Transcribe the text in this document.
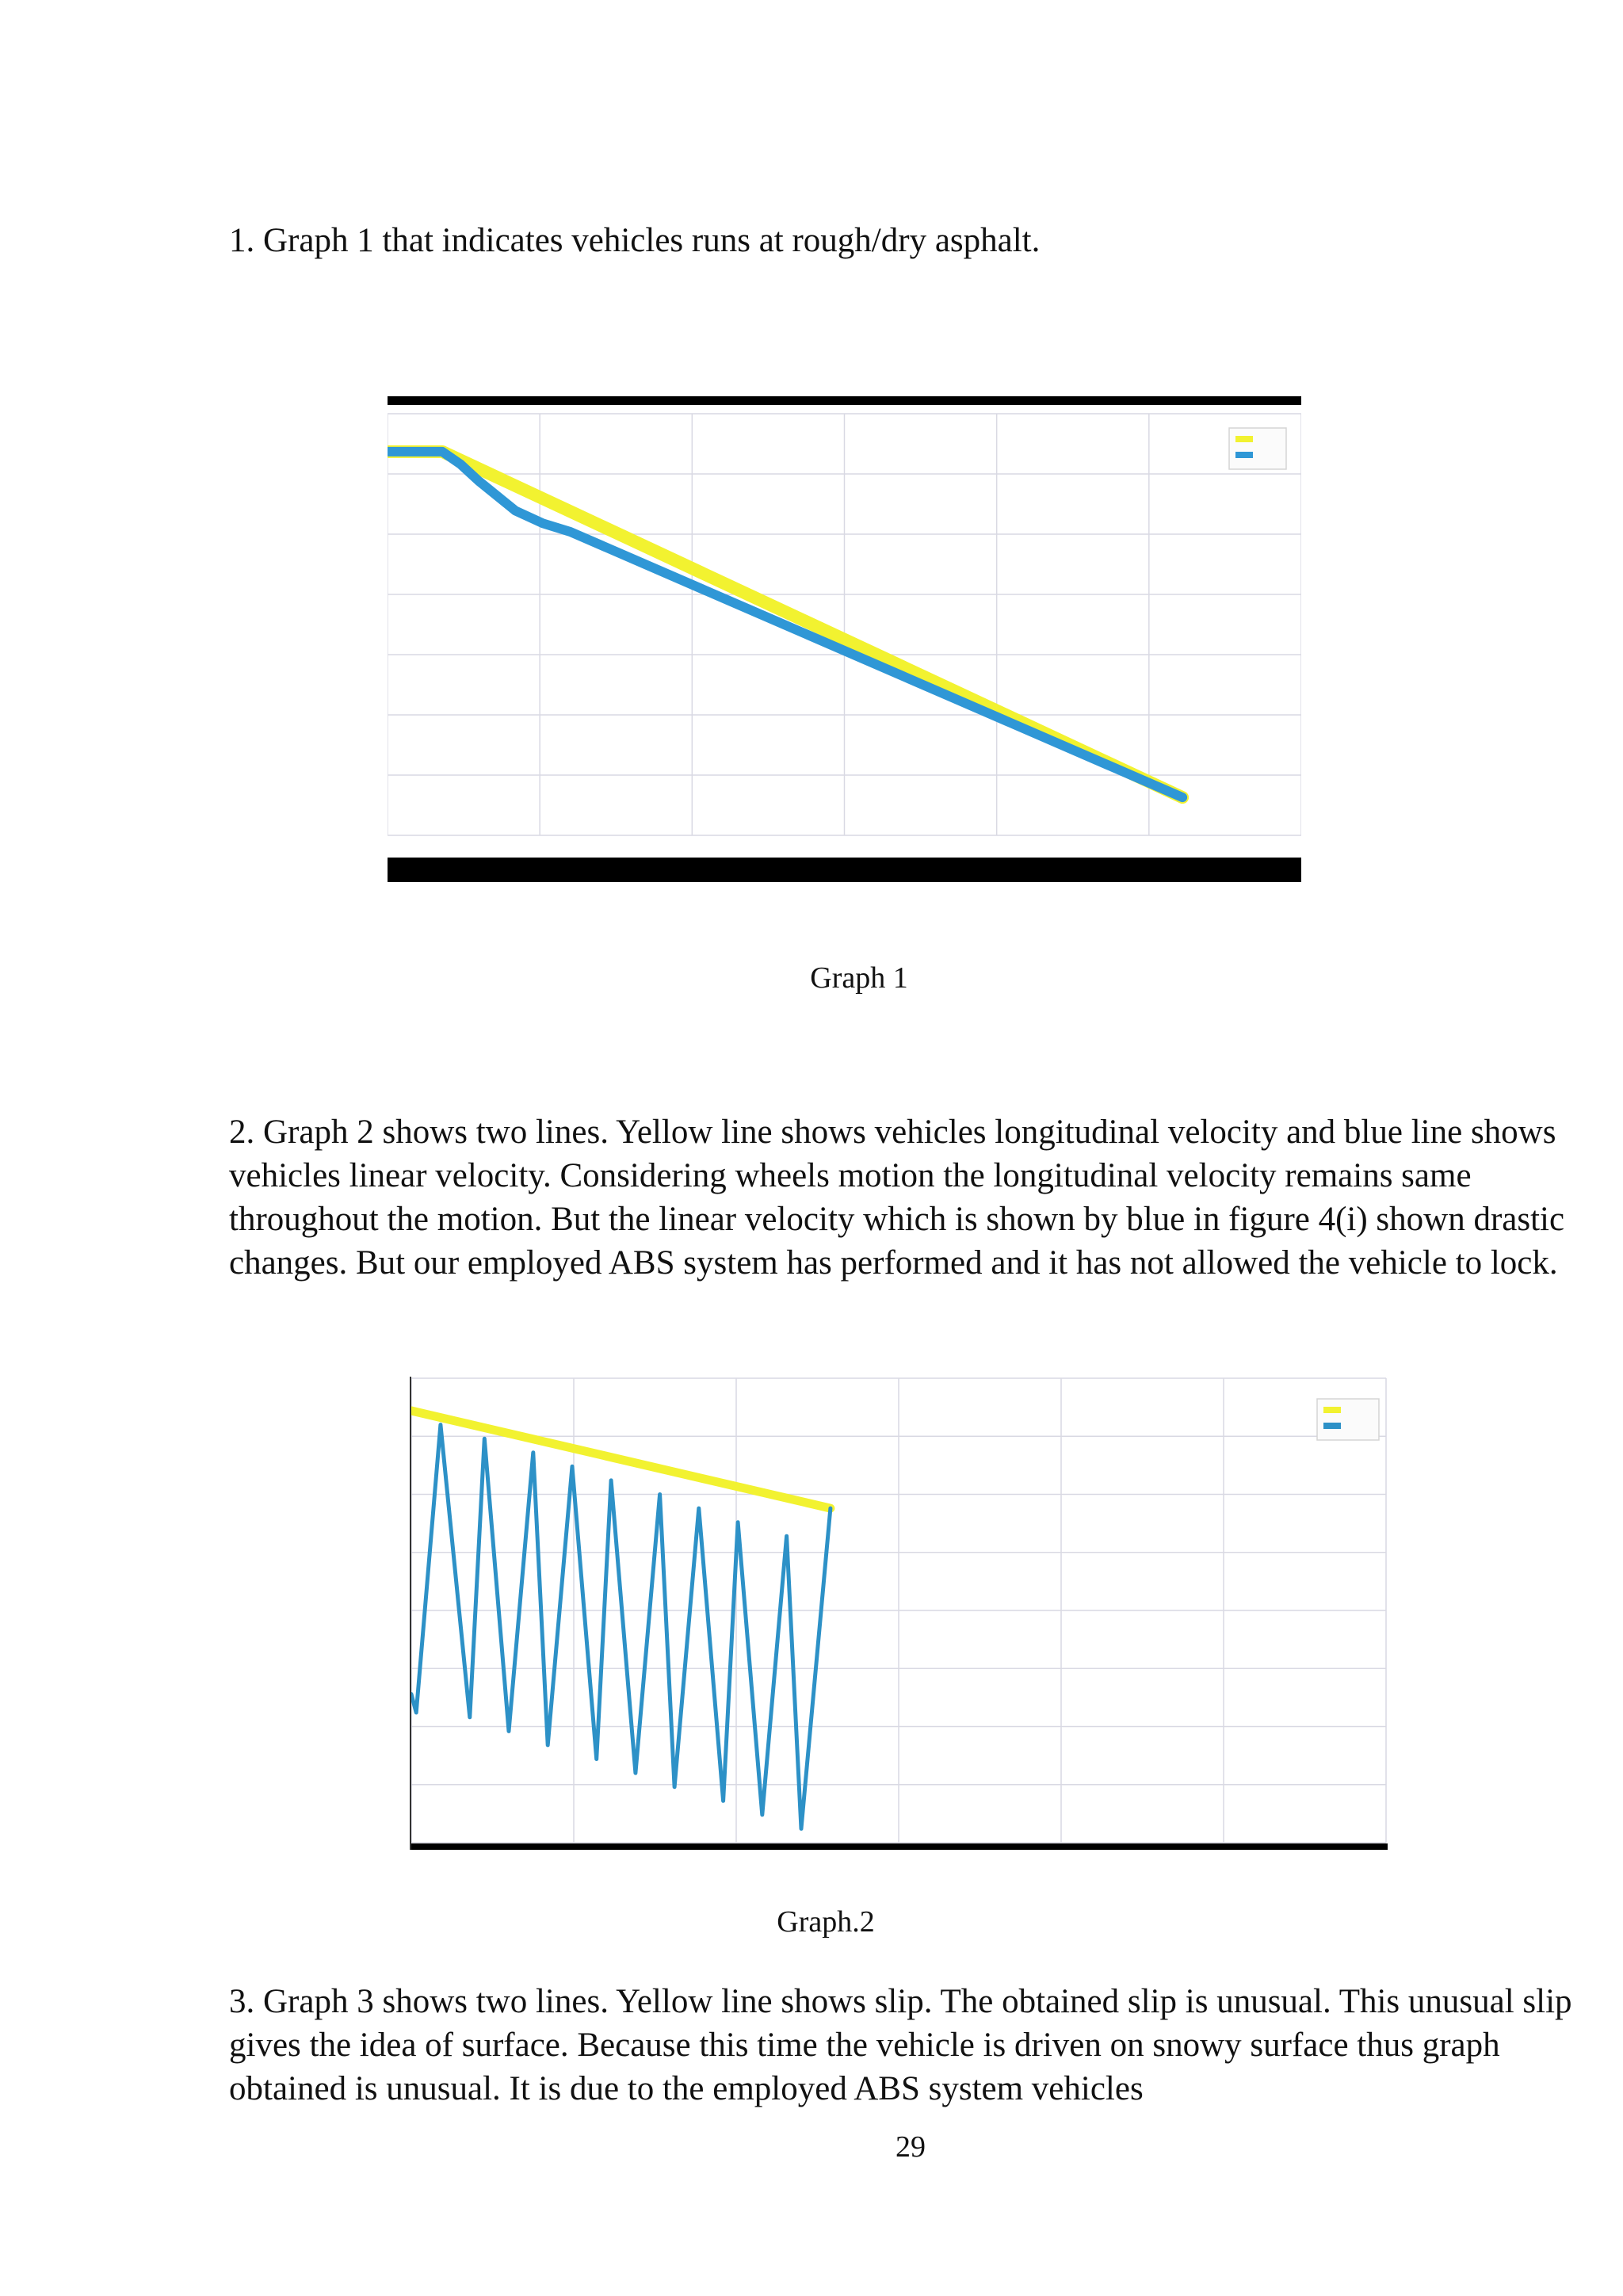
1. Graph 1 that indicates vehicles runs at rough/dry asphalt.

Graph 1

2. Graph 2 shows two lines. Yellow line shows vehicles longitudinal velocity and blue line shows vehicles linear velocity. Considering wheels motion the longitudinal velocity remains same throughout the motion. But the linear velocity which is shown by blue in figure 4(i) shown drastic changes. But our employed ABS system has performed and it has not allowed the vehicle to lock.

Graph.2

3. Graph 3 shows two lines. Yellow line shows slip. The obtained slip is unusual. This unusual slip gives the idea of surface. Because this time the vehicle is driven on snowy surface thus graph obtained is unusual. It is due to the employed ABS system vehicles

29
